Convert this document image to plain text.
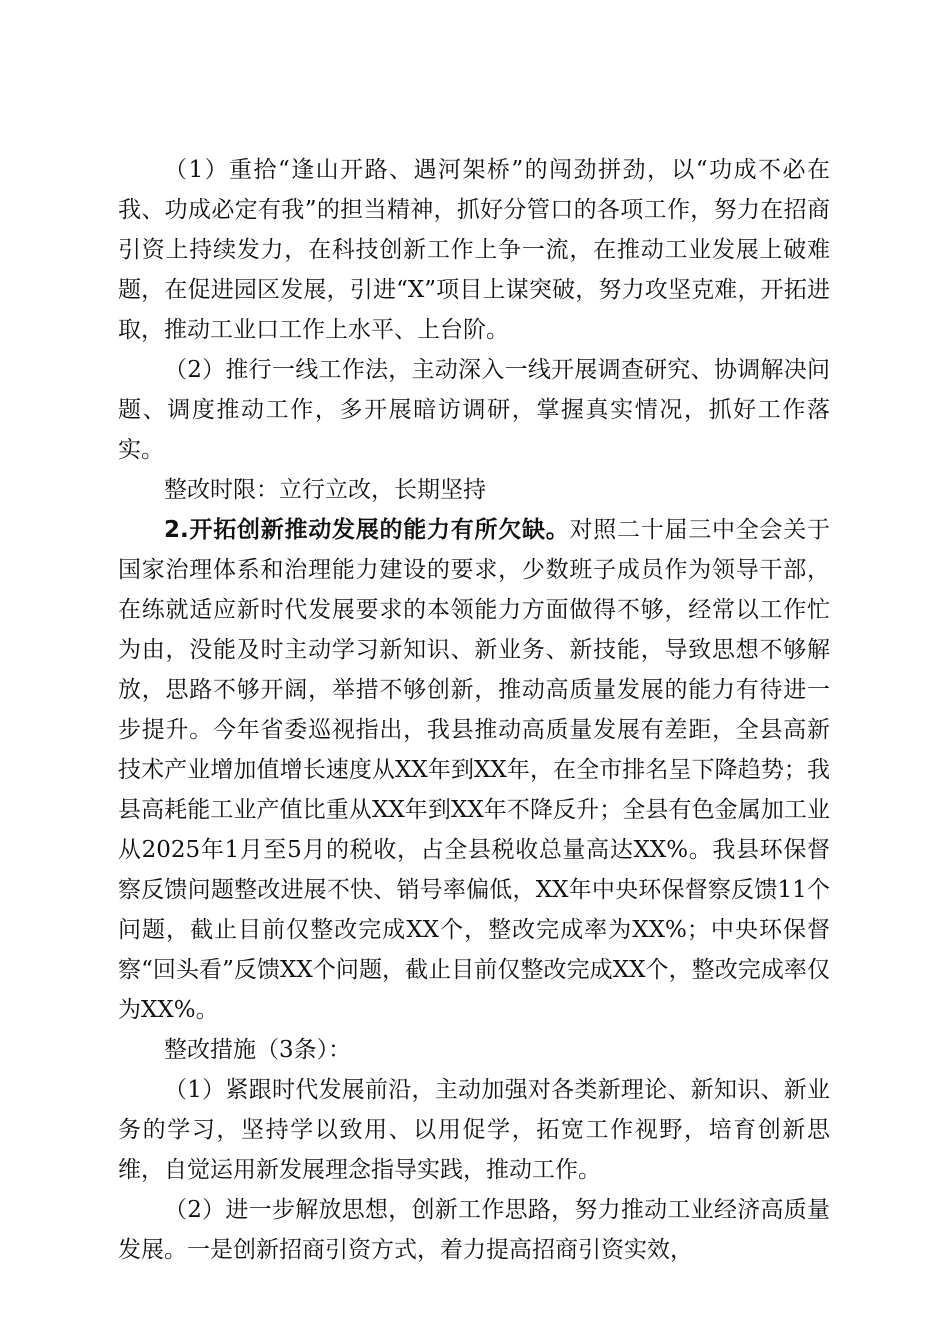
（1）重拾“逢山开路、遇河架桥”的闯劲拼劲，以“功成不必在我、功成必定有我”的担当精神，抓好分管口的各项工作，努力在招商引资上持续发力，在科技创新工作上争一流，在推动工业发展上破难题，在促进园区发展，引进“X”项目上谋突破，努力攻坚克难，开拓进取，推动工业口工作上水平、上台阶。

（2）推行一线工作法，主动深入一线开展调查研究、协调解决问题、调度推动工作，多开展暗访调研，掌握真实情况，抓好工作落实。

整改时限：立行立改，长期坚持

2.开拓创新推动发展的能力有所欠缺。对照二十届三中全会关于国家治理体系和治理能力建设的要求，少数班子成员作为领导干部，在练就适应新时代发展要求的本领能力方面做得不够，经常以工作忙为由，没能及时主动学习新知识、新业务、新技能，导致思想不够解放，思路不够开阔，举措不够创新，推动高质量发展的能力有待进一步提升。今年省委巡视指出，我县推动高质量发展有差距，全县高新技术产业增加值增长速度从XX年到XX年，在全市排名呈下降趋势；我县高耗能工业产值比重从XX年到XX年不降反升；全县有色金属加工业从2025年1月至5月的税收，占全县税收总量高达XX%。我县环保督察反馈问题整改进展不快、销号率偏低，XX年中央环保督察反馈11个问题，截止目前仅整改完成XX个，整改完成率为XX%；中央环保督察“回头看”反馈XX个问题，截止目前仅整改完成XX个，整改完成率仅为XX%。

整改措施（3条）：

（1）紧跟时代发展前沿，主动加强对各类新理论、新知识、新业务的学习，坚持学以致用、以用促学，拓宽工作视野，培育创新思维，自觉运用新发展理念指导实践，推动工作。

（2）进一步解放思想，创新工作思路，努力推动工业经济高质量发展。一是创新招商引资方式，着力提高招商引资实效，
